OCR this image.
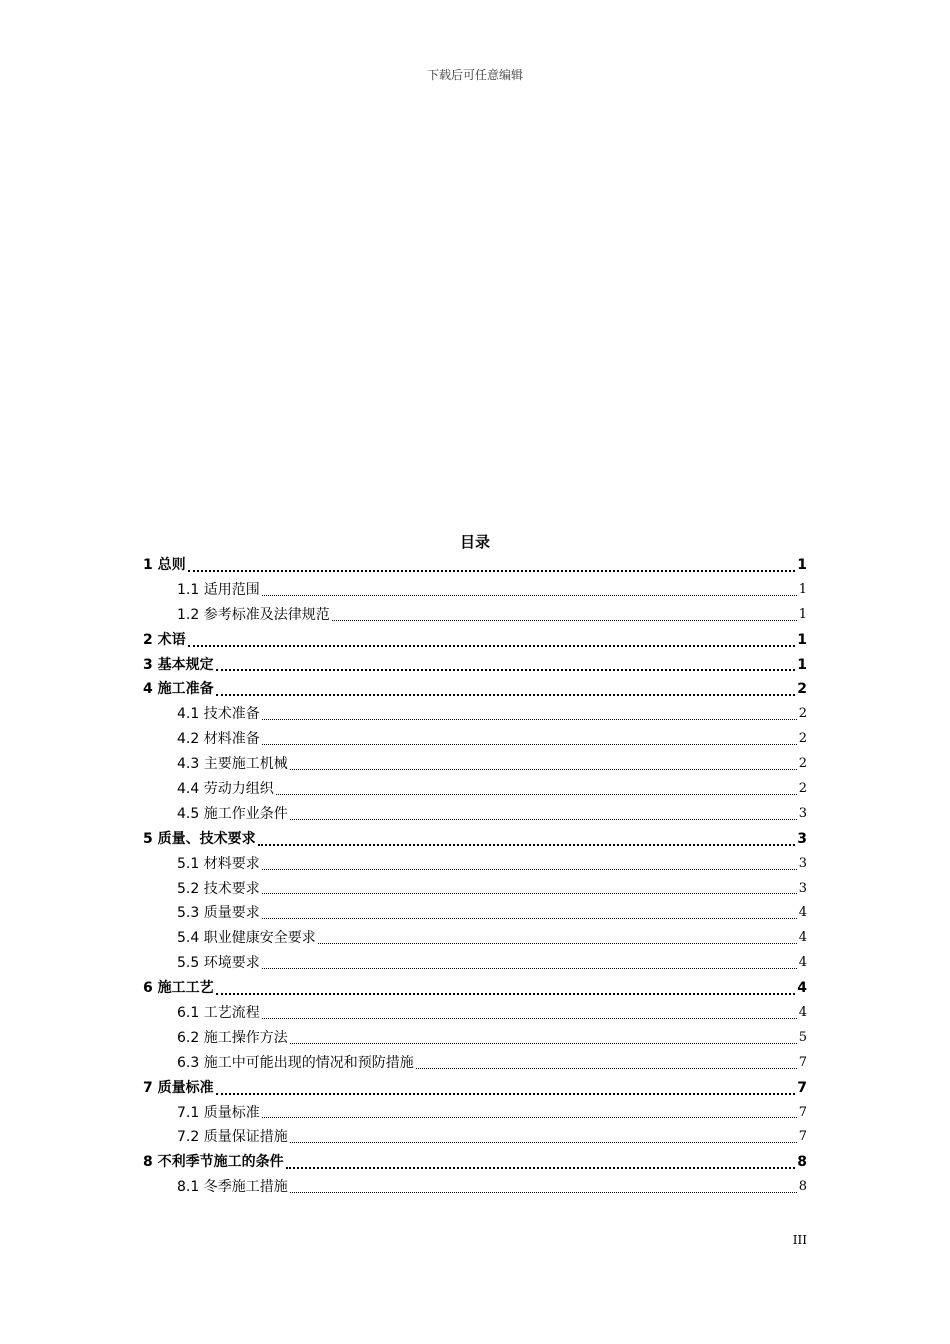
下载后可任意编辑
目录
1 总则	1
1.1 适用范围	1
1.2 参考标准及法律规范	1
2 术语	1
3 基本规定	1
4 施工准备	2
4.1 技术准备	2
4.2 材料准备	2
4.3 主要施工机械	2
4.4 劳动力组织	2
4.5 施工作业条件	3
5 质量、技术要求	3
5.1 材料要求	3
5.2 技术要求	3
5.3 质量要求	4
5.4 职业健康安全要求	4
5.5 环境要求	4
6 施工工艺	4
6.1 工艺流程	4
6.2 施工操作方法	5
6.3 施工中可能出现的情况和预防措施	7
7 质量标准	7
7.1 质量标准	7
7.2 质量保证措施	7
8 不利季节施工的条件	8
8.1 冬季施工措施	8
III
